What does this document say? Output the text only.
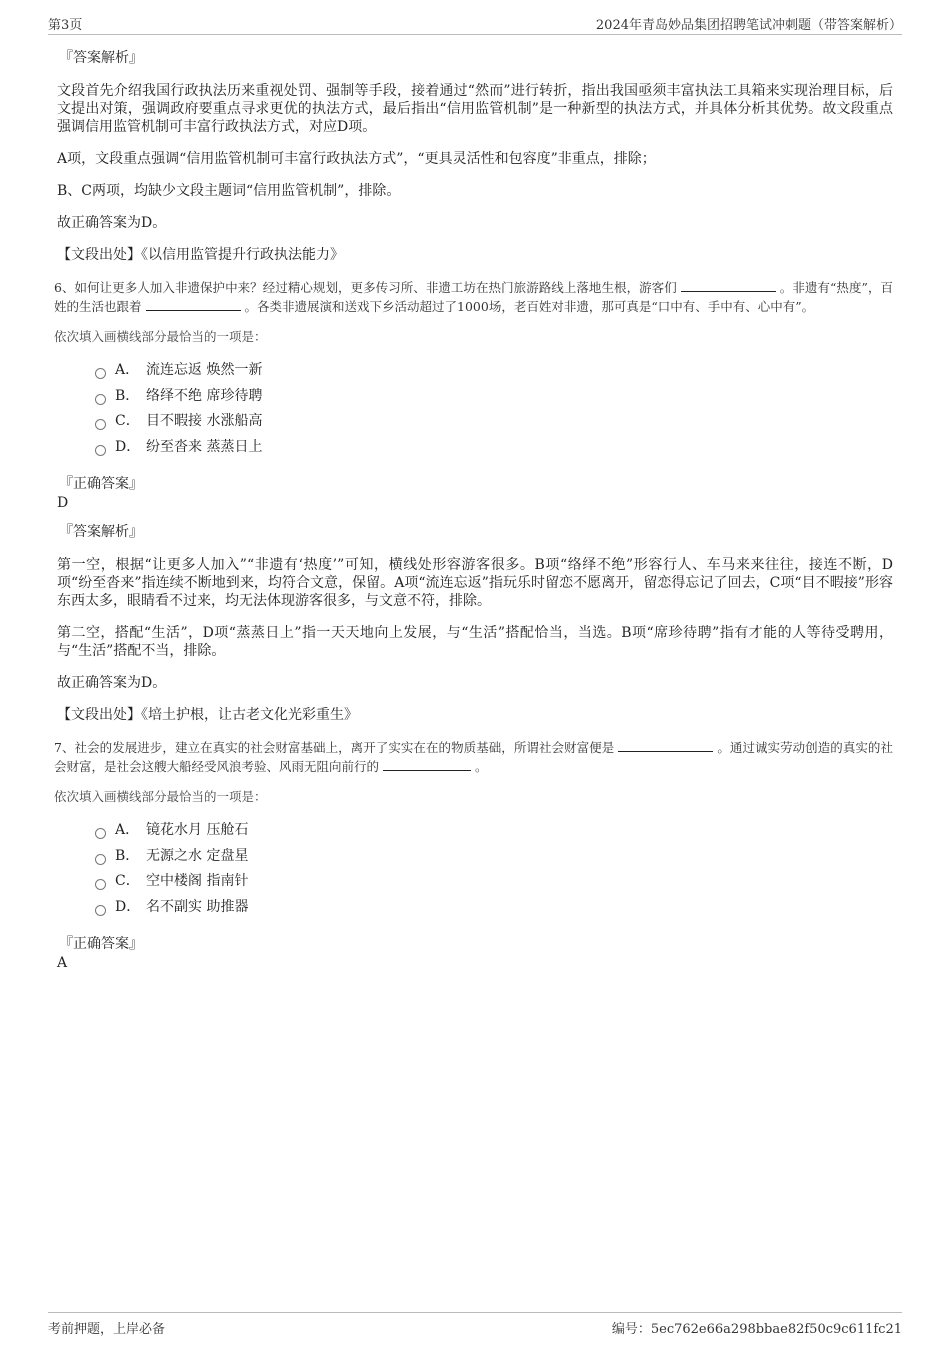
第3页	2024年青岛妙品集团招聘笔试冲刺题（带答案解析）
『答案解析』

文段首先介绍我国行政执法历来重视处罚、强制等手段，接着通过“然而”进行转折，指出我国亟须丰富执法工具箱来实现治理目标，后文提出对策，强调政府要重点寻求更优的执法方式，最后指出“信用监管机制”是一种新型的执法方式，并具体分析其优势。故文段重点强调信用监管机制可丰富行政执法方式，对应D项。

A项，文段重点强调“信用监管机制可丰富行政执法方式”，“更具灵活性和包容度”非重点，排除；

B、C两项，均缺少文段主题词“信用监管机制”，排除。

故正确答案为D。

【文段出处】《以信用监管提升行政执法能力》

6、如何让更多人加入非遗保护中来？经过精心规划，更多传习所、非遗工坊在热门旅游路线上落地生根，游客们	。非遗有“热度”，百姓的生活也跟着	。各类非遗展演和送戏下乡活动超过了1000场，老百姓对非遗，那可真是“口中有、手中有、心中有”。
依次填入画横线部分最恰当的一项是：
A． 流连忘返 焕然一新
B． 络绎不绝 席珍待聘
C． 目不暇接 水涨船高
D． 纷至沓来 蒸蒸日上
『正确答案』
D
『答案解析』

第一空，根据“让更多人加入”“非遗有‘热度’”可知，横线处形容游客很多。B项“络绎不绝”形容行人、车马来来往往，接连不断，D项“纷至沓来”指连续不断地到来，均符合文意，保留。A项“流连忘返”指玩乐时留恋不愿离开，留恋得忘记了回去，C项“目不暇接”形容东西太多，眼睛看不过来，均无法体现游客很多，与文意不符，排除。

第二空，搭配“生活”，D项“蒸蒸日上”指一天天地向上发展，与“生活”搭配恰当，当选。B项“席珍待聘”指有才能的人等待受聘用，与“生活”搭配不当，排除。

故正确答案为D。

【文段出处】《培土护根，让古老文化光彩重生》

7、社会的发展进步，建立在真实的社会财富基础上，离开了实实在在的物质基础，所谓社会财富便是	。通过诚实劳动创造的真实的社会财富，是社会这艘大船经受风浪考验、风雨无阻向前行的	。
依次填入画横线部分最恰当的一项是：
A． 镜花水月 压舱石
B． 无源之水 定盘星
C． 空中楼阁 指南针
D． 名不副实 助推器
『正确答案』
A
考前押题，上岸必备	编号：5ec762e66a298bbae82f50c9c611fc21
